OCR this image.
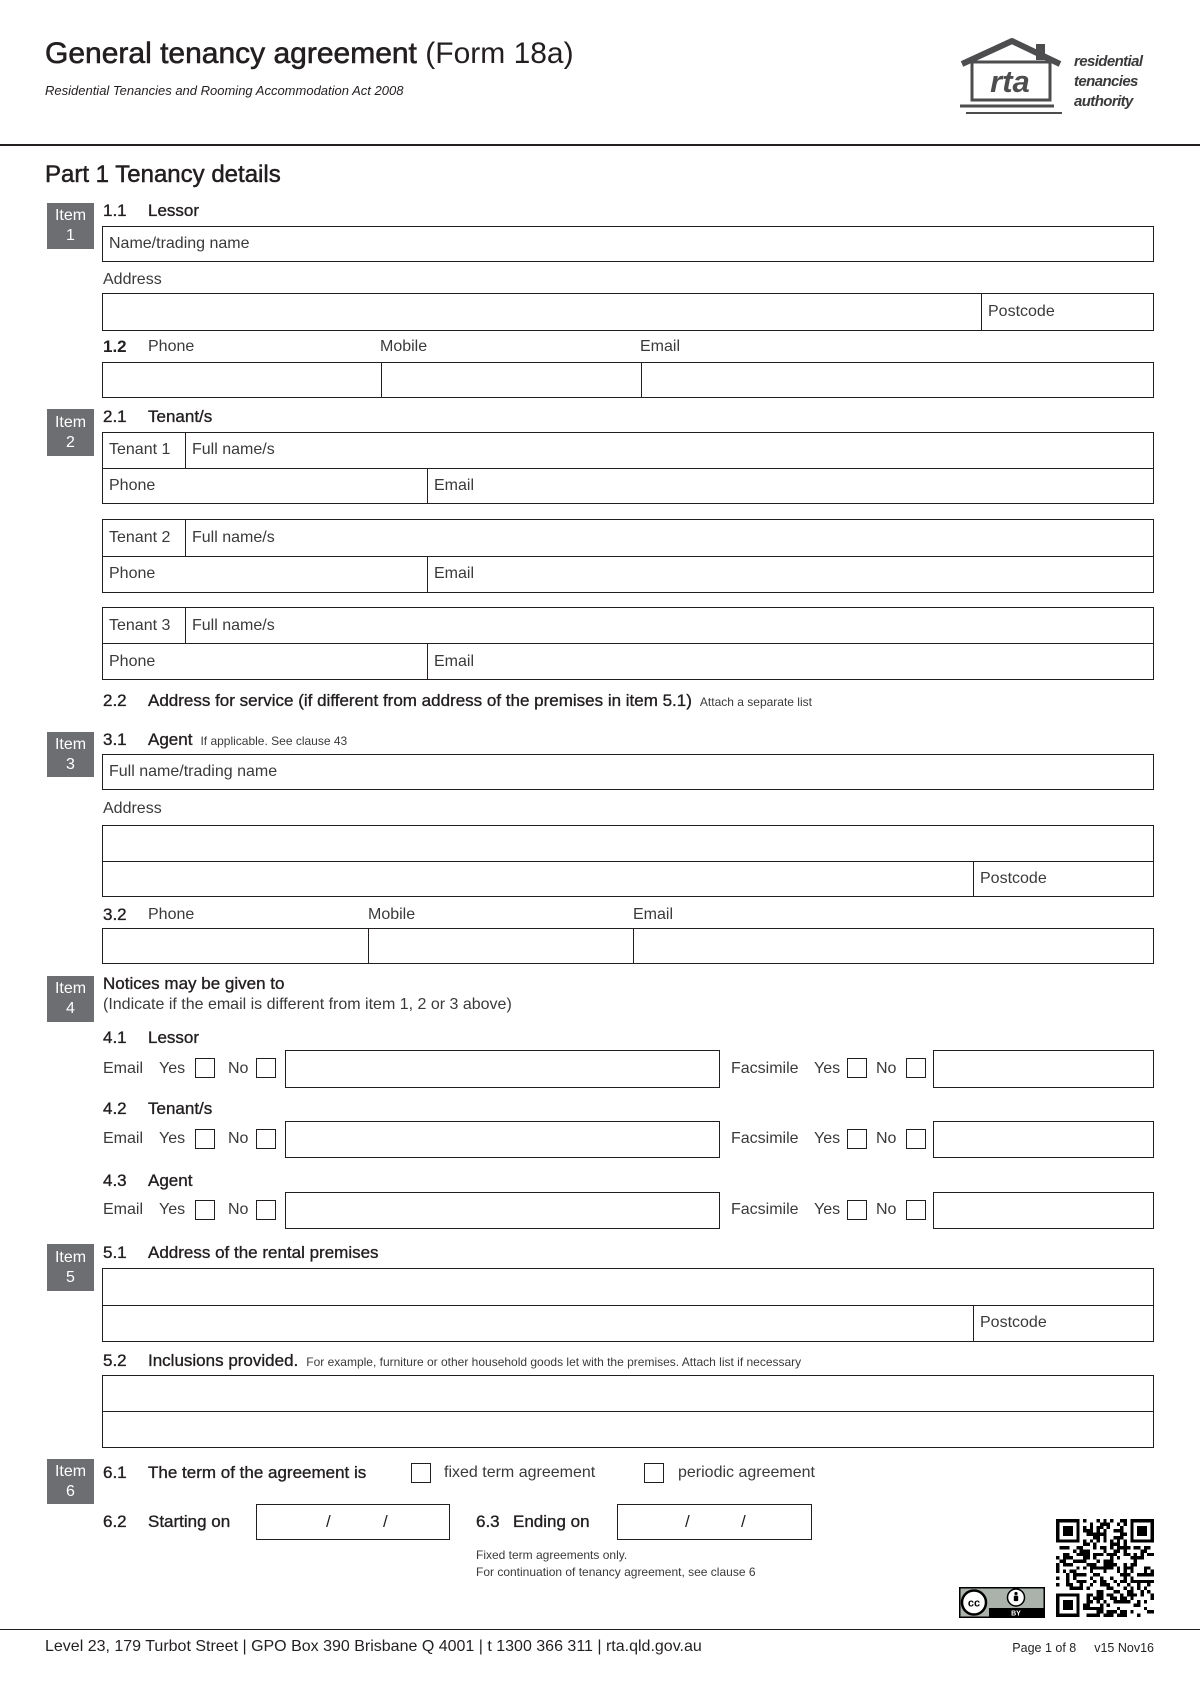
General tenancy agreement (Form 18a)
Residential Tenancies and Rooming Accommodation Act 2008	rta
residential
tenancies
authority
Part 1 Tenancy details
Item
1
1.1 Lessor
Name/trading name
Address
Postcode
1.2 Phone	Mobile	Email
Item
2
2.1 Tenant/s
Tenant 1 Full name/s
Phone	Email
Tenant 2 Full name/s
Phone	Email
Tenant 3 Full name/s
Phone	Email
2.2 Address for service (if different from address of the premises in item 5.1) Attach a separate list
Item
3
3.1 Agent If applicable. See clause 43
Full name/trading name
Address
Postcode
3.2 Phone	Mobile	Email
Item
4
Notices may be given to
(Indicate if the email is different from item 1, 2 or 3 above)
4.1 Lessor
Email Yes	No	Facsimile Yes No
4.2 Tenant/s
Email Yes	No	Facsimile Yes No
4.3 Agent
Email Yes	No	Facsimile Yes No
Item
5
5.1 Address of the rental premises
Postcode
5.2 Inclusions provided. For example, furniture or other household goods let with the premises. Attach list if necessary
Item
6
6.1 The term of the agreement is	fixed term agreement	periodic agreement
6.2 Starting on	/	/	6.3 Ending on	/	/
Fixed term agreements only.
For continuation of tenancy agreement, see clause 6
cc
BY
Level 23, 179 Turbot Street | GPO Box 390 Brisbane Q 4001 | t 1300 366 311 | rta.qld.gov.au	Page 1 of 8 v15 Nov16
